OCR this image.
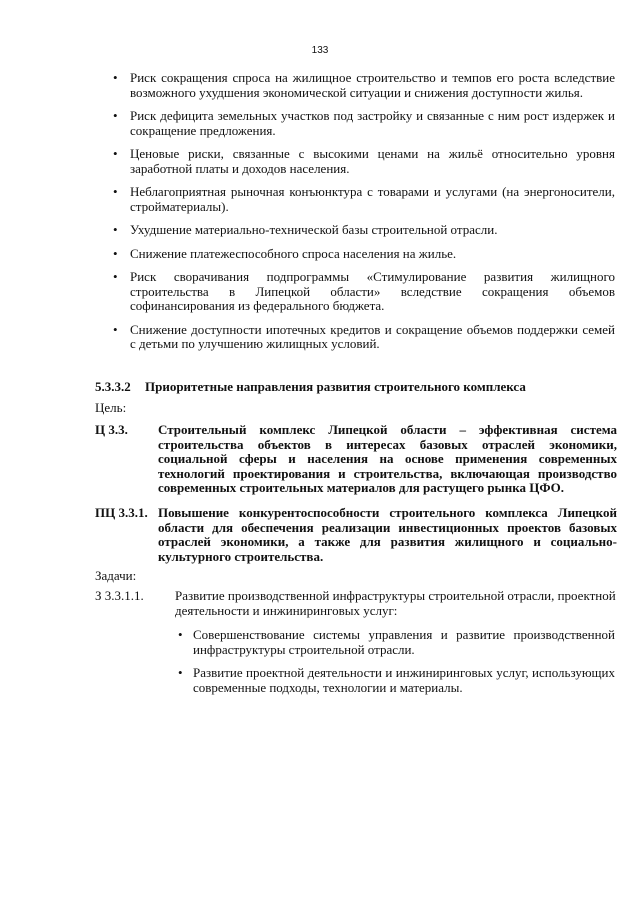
133
• Риск сокращения спроса на жилищное строительство и темпов его роста вследствие возможного ухудшения экономической ситуации и снижения доступности жилья.
• Риск дефицита земельных участков под застройку и связанные с ним рост издержек и сокращение предложения.
• Ценовые риски, связанные с высокими ценами на жильё относительно уровня заработной платы и доходов населения.
• Неблагоприятная рыночная конъюнктура с товарами и услугами (на энергоносители, стройматериалы).
• Ухудшение материально-технической базы строительной отрасли.
• Снижение платежеспособного спроса населения на жилье.
• Риск сворачивания подпрограммы «Стимулирование развития жилищного строительства в Липецкой области» вследствие сокращения объемов софинансирования из федерального бюджета.
• Снижение доступности ипотечных кредитов и сокращение объемов поддержки семей с детьми по улучшению жилищных условий.
5.3.3.2 Приоритетные направления развития строительного комплекса
Цель:
Ц 3.3. Строительный комплекс Липецкой области – эффективная система строительства объектов в интересах базовых отраслей экономики, социальной сферы и населения на основе применения современных технологий проектирования и строительства, включающая производство современных строительных материалов для растущего рынка ЦФО.
ПЦ 3.3.1. Повышение конкурентоспособности строительного комплекса Липецкой области для обеспечения реализации инвестиционных проектов базовых отраслей экономики, а также для развития жилищного и социально-культурного строительства.
Задачи:
З 3.3.1.1. Развитие производственной инфраструктуры строительной отрасли, проектной деятельности и инжиниринговых услуг:
• Совершенствование системы управления и развитие производственной инфраструктуры строительной отрасли.
• Развитие проектной деятельности и инжиниринговых услуг, использующих современные подходы, технологии и материалы.
